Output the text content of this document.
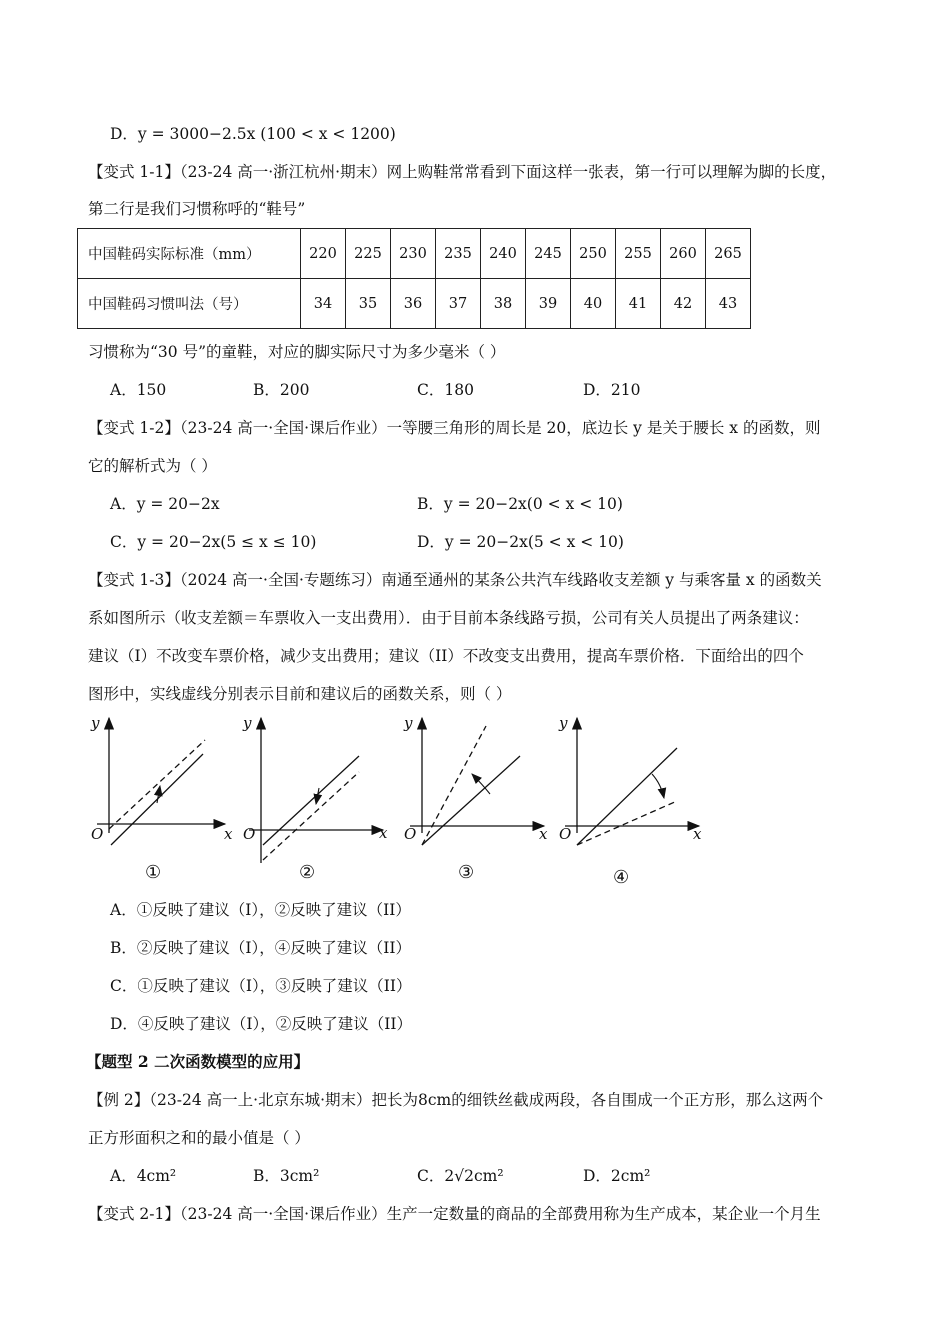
D．y = 3000−2.5x (100 < x < 1200)
【变式 1-1】（23-24 高一·浙江杭州·期末）网上购鞋常常看到下面这样一张表，第一行可以理解为脚的长度，
第二行是我们习惯称呼的“鞋号”
中国鞋码实际标准（mm）	220	225	230	235	240	245	250	255	260	265
中国鞋码习惯叫法（号）	34	35	36	37	38	39	40	41	42	43
习惯称为“30 号”的童鞋，对应的脚实际尺寸为多少毫米（ ）
A．150	B．200	C．180	D．210
【变式 1-2】（23-24 高一·全国·课后作业）一等腰三角形的周长是 20，底边长 y 是关于腰长 x 的函数，则
它的解析式为（ ）
A．y = 20−2x	B．y = 20−2x(0 < x < 10)
C．y = 20−2x(5 ≤ x ≤ 10)	D．y = 20−2x(5 < x < 10)
【变式 1-3】（2024 高一·全国·专题练习）南通至通州的某条公共汽车线路收支差额 y 与乘客量 x 的函数关
系如图所示（收支差额＝车票收入一支出费用）．由于目前本条线路亏损，公司有关人员提出了两条建议：
建议（I）不改变车票价格，减少支出费用；建议（II）不改变支出费用，提高车票价格．下面给出的四个
图形中，实线虚线分别表示目前和建议后的函数关系，则（ ）
y
x
O
①
y
x
O
②
y
x
O
③
y
x
O
④
A．①反映了建议（I），②反映了建议（II）
B．②反映了建议（I），④反映了建议（II）
C．①反映了建议（I），③反映了建议（II）
D．④反映了建议（I），②反映了建议（II）
【题型 2 二次函数模型的应用】
【例 2】（23-24 高一上·北京东城·期末）把长为8cm的细铁丝截成两段，各自围成一个正方形，那么这两个
正方形面积之和的最小值是（ ）
A．4cm²	B．3cm²	C．2√2cm²	D．2cm²
【变式 2-1】（23-24 高一·全国·课后作业）生产一定数量的商品的全部费用称为生产成本，某企业一个月生
